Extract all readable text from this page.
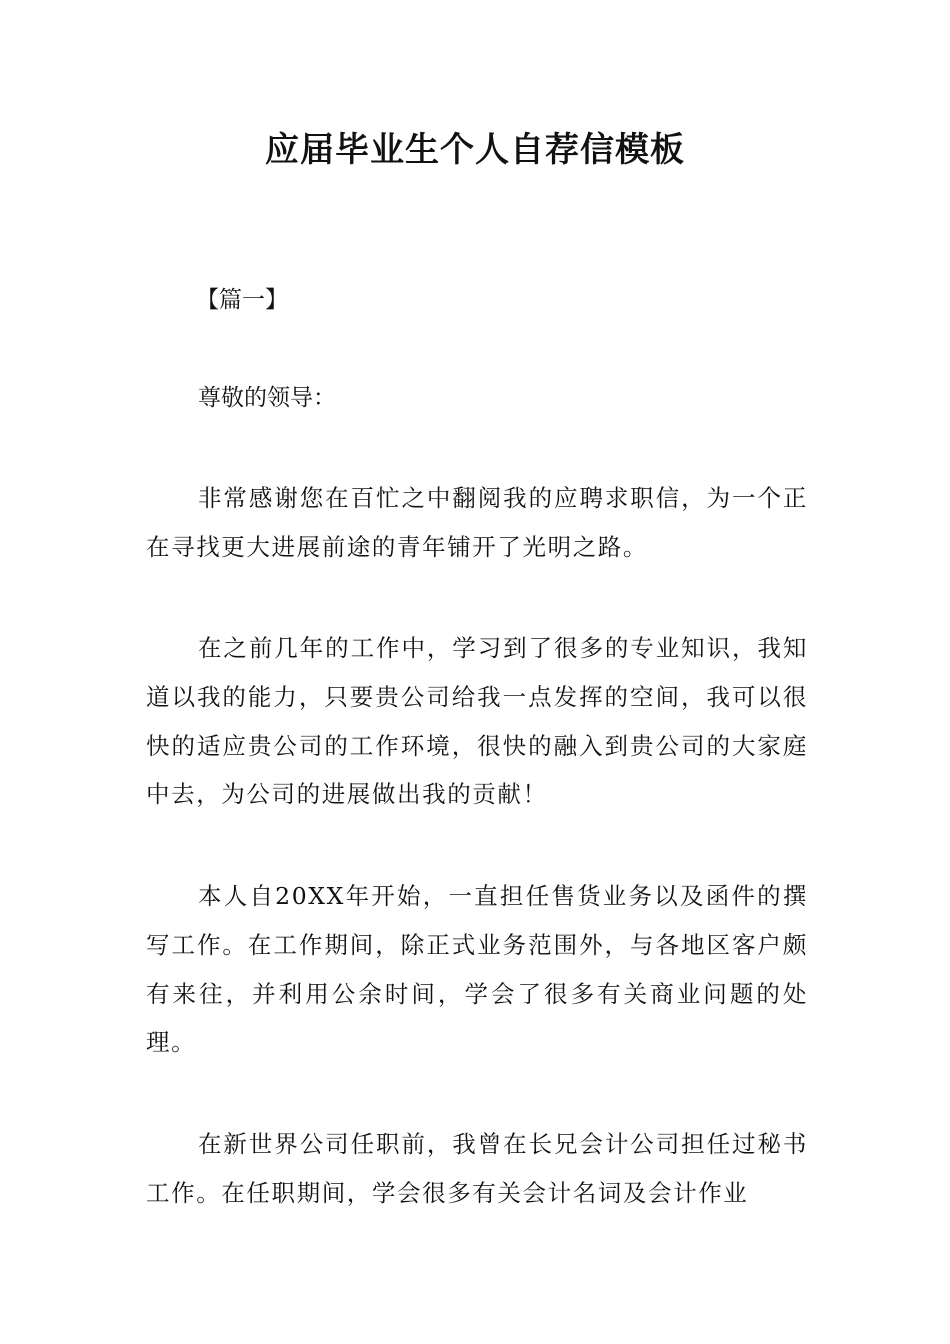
应届毕业生个人自荐信模板
【篇一】
尊敬的领导：

非常感谢您在百忙之中翻阅我的应聘求职信，为一个正在寻找更大进展前途的青年铺开了光明之路。

在之前几年的工作中，学习到了很多的专业知识，我知道以我的能力，只要贵公司给我一点发挥的空间，我可以很快的适应贵公司的工作环境，很快的融入到贵公司的大家庭中去，为公司的进展做出我的贡献！

本人自20XX年开始，一直担任售货业务以及函件的撰写工作。在工作期间，除正式业务范围外，与各地区客户颇有来往，并利用公余时间，学会了很多有关商业问题的处理。

在新世界公司任职前，我曾在长兄会计公司担任过秘书工作。在任职期间，学会很多有关会计名词及会计作业
